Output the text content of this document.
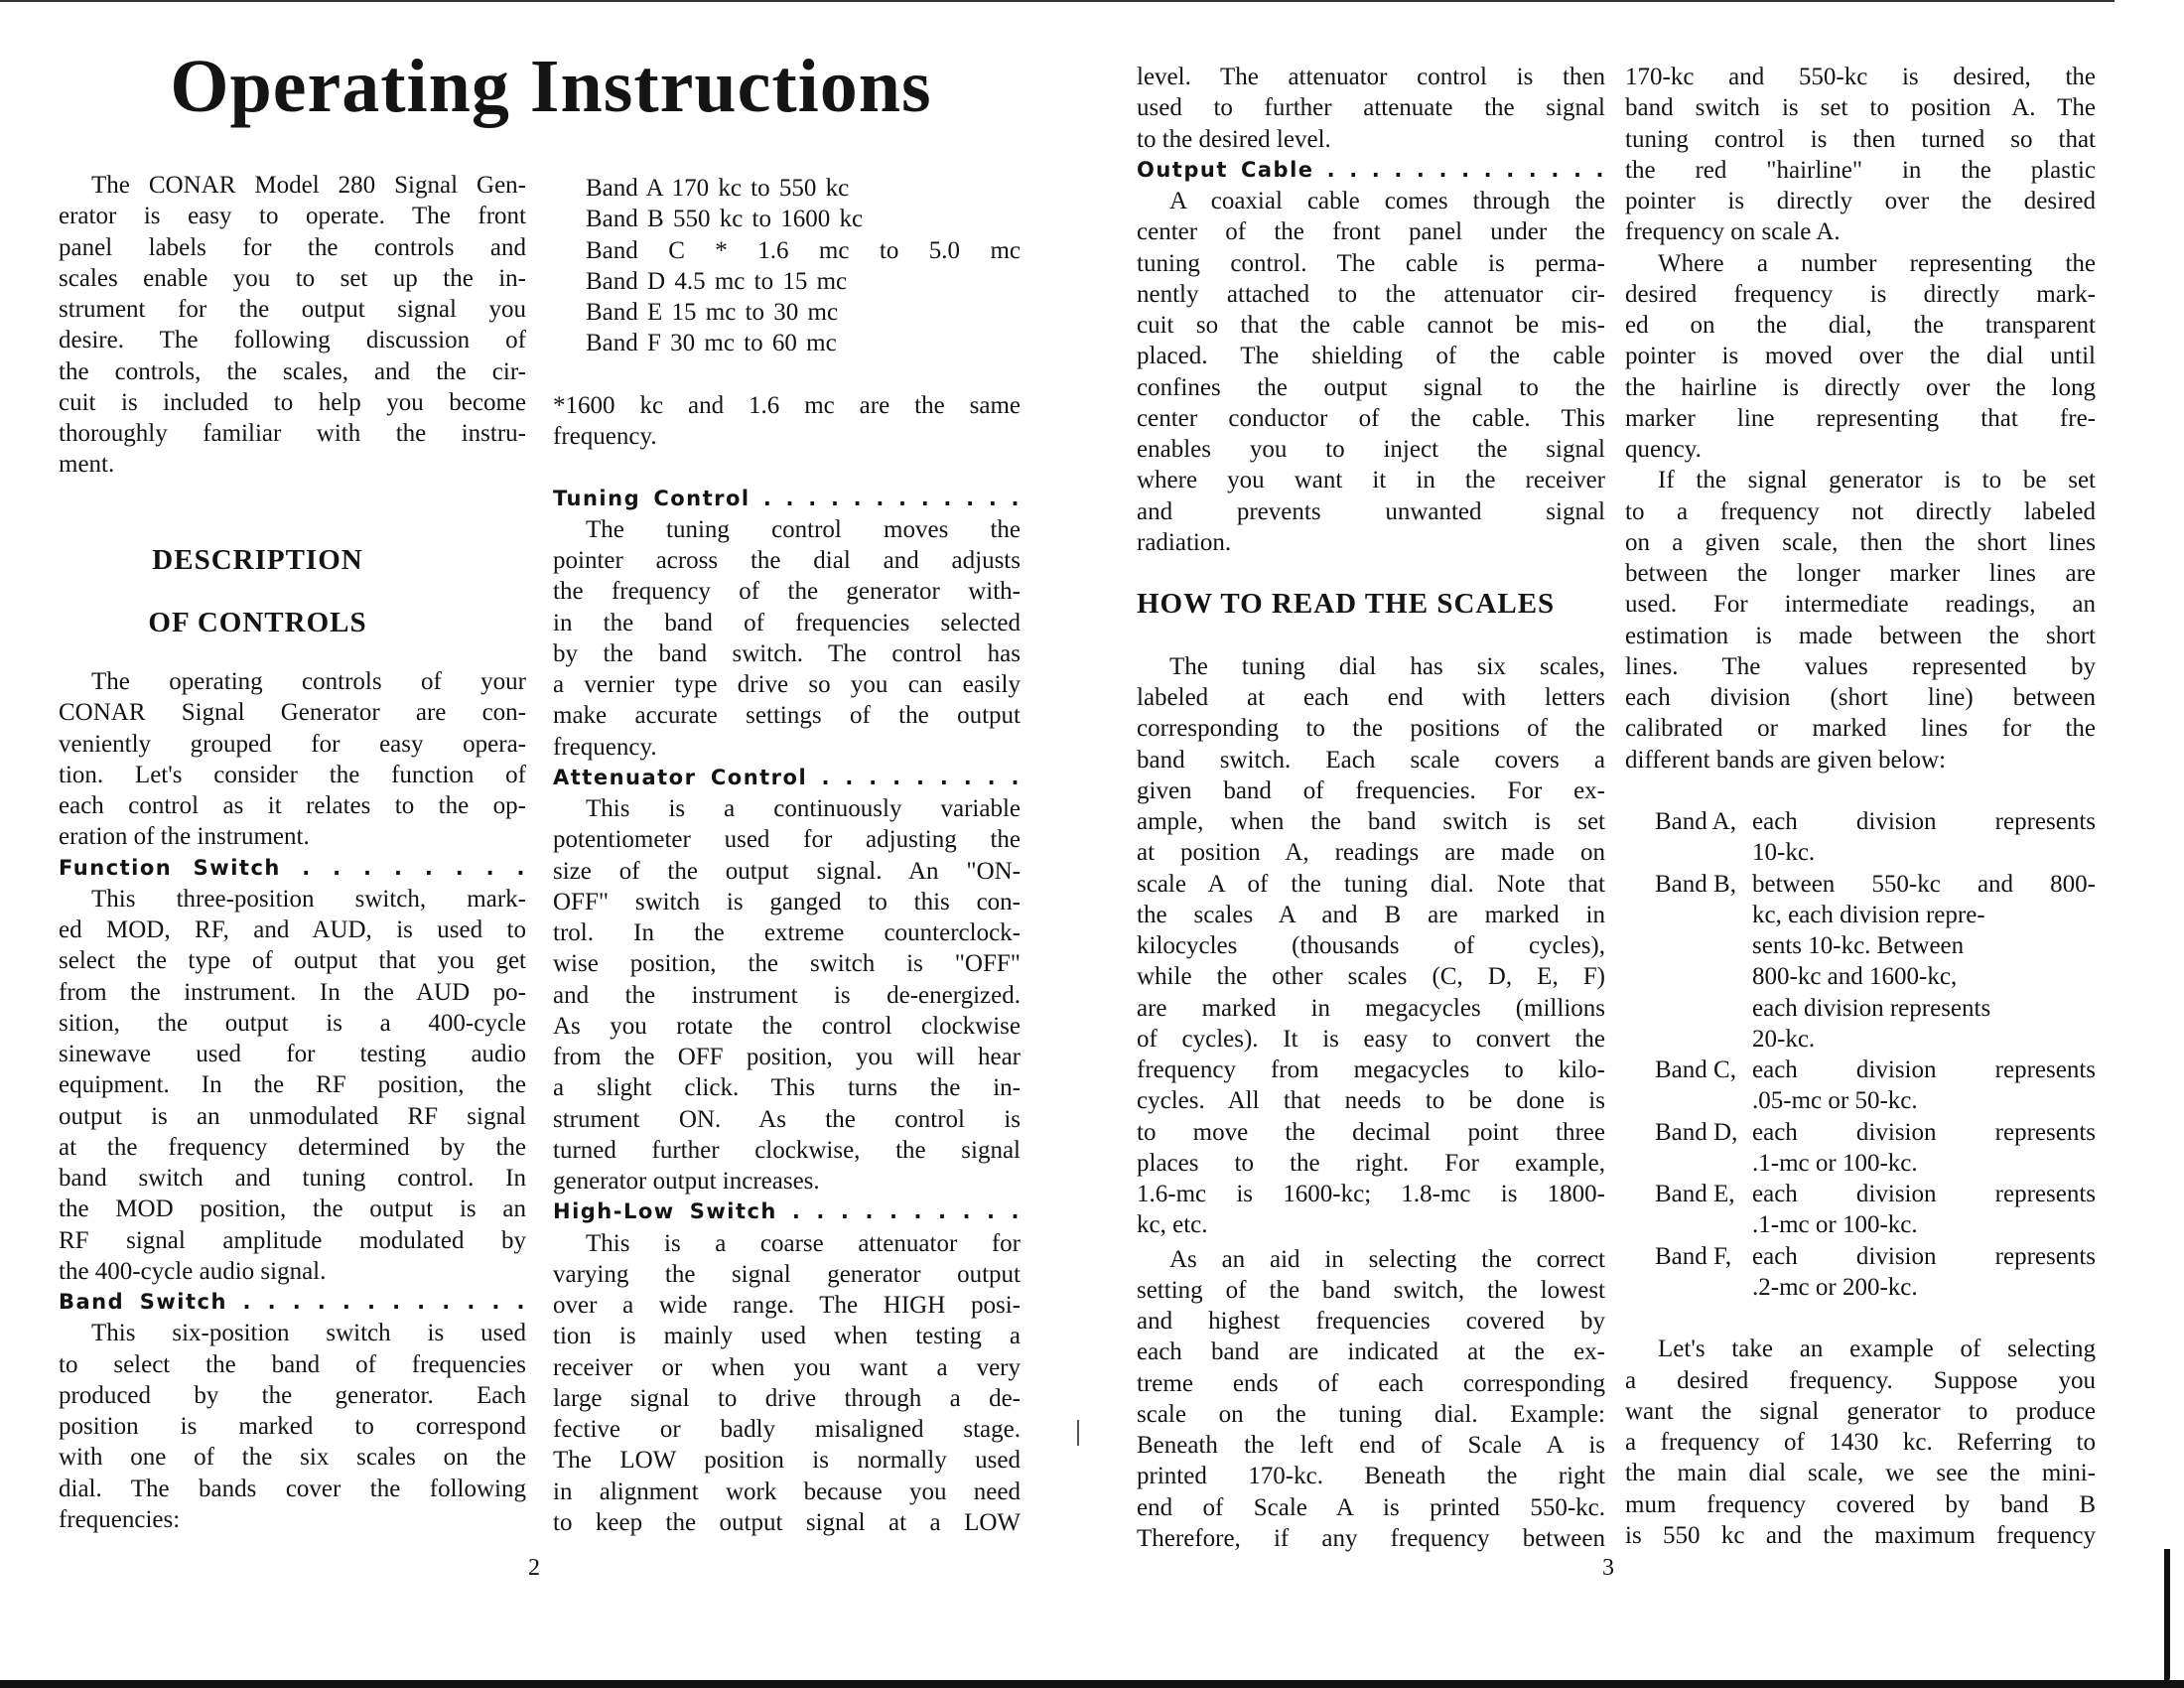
Operating Instructions
The CONAR Model 280 Signal Gen-
erator is easy to operate. The front
panel labels for the controls and
scales enable you to set up the in-
strument for the output signal you
desire. The following discussion of
the controls, the scales, and the cir-
cuit is included to help you become
thoroughly familiar with the instru-
ment.
DESCRIPTION
OF CONTROLS
The operating controls of your
CONAR Signal Generator are con-
veniently grouped for easy opera-
tion. Let's consider the function of
each control as it relates to the op-
eration of the instrument.
Function Switch . . . . . . . .
This three-position switch, mark-
ed MOD, RF, and AUD, is used to
select the type of output that you get
from the instrument. In the AUD po-
sition, the output is a 400-cycle
sinewave used for testing audio
equipment. In the RF position, the
output is an unmodulated RF signal
at the frequency determined by the
band switch and tuning control. In
the MOD position, the output is an
RF signal amplitude modulated by
the 400-cycle audio signal.
Band Switch . . . . . . . . . . . .
This six-position switch is used
to select the band of frequencies
produced by the generator. Each
position is marked to correspond
with one of the six scales on the
dial. The bands cover the following
frequencies:
Band A 170 kc to 550 kc
Band B 550 kc to 1600 kc
Band C * 1.6 mc to 5.0 mc
Band D 4.5 mc to 15 mc
Band E 15 mc to 30 mc
Band F 30 mc to 60 mc
*1600 kc and 1.6 mc are the same
frequency.
Tuning Control . . . . . . . . . . . .
The tuning control moves the
pointer across the dial and adjusts
the frequency of the generator with-
in the band of frequencies selected
by the band switch. The control has
a vernier type drive so you can easily
make accurate settings of the output
frequency.
Attenuator Control . . . . . . . . .
This is a continuously variable
potentiometer used for adjusting the
size of the output signal. An "ON-
OFF" switch is ganged to this con-
trol. In the extreme counterclock-
wise position, the switch is "OFF"
and the instrument is de-energized.
As you rotate the control clockwise
from the OFF position, you will hear
a slight click. This turns the in-
strument ON. As the control is
turned further clockwise, the signal
generator output increases.
High-Low Switch . . . . . . . . . .
This is a coarse attenuator for
varying the signal generator output
over a wide range. The HIGH posi-
tion is mainly used when testing a
receiver or when you want a very
large signal to drive through a de-
fective or badly misaligned stage.
The LOW position is normally used
in alignment work because you need
to keep the output signal at a LOW
level. The attenuator control is then
used to further attenuate the signal
to the desired level.
Output Cable . . . . . . . . . . . . .
A coaxial cable comes through the
center of the front panel under the
tuning control. The cable is perma-
nently attached to the attenuator cir-
cuit so that the cable cannot be mis-
placed. The shielding of the cable
confines the output signal to the
center conductor of the cable. This
enables you to inject the signal
where you want it in the receiver
and prevents unwanted signal
radiation.
HOW TO READ THE SCALES
The tuning dial has six scales,
labeled at each end with letters
corresponding to the positions of the
band switch. Each scale covers a
given band of frequencies. For ex-
ample, when the band switch is set
at position A, readings are made on
scale A of the tuning dial. Note that
the scales A and B are marked in
kilocycles (thousands of cycles),
while the other scales (C, D, E, F)
are marked in megacycles (millions
of cycles). It is easy to convert the
frequency from megacycles to kilo-
cycles. All that needs to be done is
to move the decimal point three
places to the right. For example,
1.6-mc is 1600-kc; 1.8-mc is 1800-
kc, etc.
As an aid in selecting the correct
setting of the band switch, the lowest
and highest frequencies covered by
each band are indicated at the ex-
treme ends of each corresponding
scale on the tuning dial. Example:
Beneath the left end of Scale A is
printed 170-kc. Beneath the right
end of Scale A is printed 550-kc.
Therefore, if any frequency between
170-kc and 550-kc is desired, the
band switch is set to position A. The
tuning control is then turned so that
the red "hairline" in the plastic
pointer is directly over the desired
frequency on scale A.
Where a number representing the
desired frequency is directly mark-
ed on the dial, the transparent
pointer is moved over the dial until
the hairline is directly over the long
marker line representing that fre-
quency.
If the signal generator is to be set
to a frequency not directly labeled
on a given scale, then the short lines
between the longer marker lines are
used. For intermediate readings, an
estimation is made between the short
lines. The values represented by
each division (short line) between
calibrated or marked lines for the
different bands are given below:
Band A, each division represents
10-kc.
Band B, between 550-kc and 800-
kc, each division repre-
sents 10-kc. Between
800-kc and 1600-kc,
each division represents
20-kc.
Band C, each division represents
.05-mc or 50-kc.
Band D, each division represents
.1-mc or 100-kc.
Band E, each division represents
.1-mc or 100-kc.
Band F, each division represents
.2-mc or 200-kc.
Let's take an example of selecting
a desired frequency. Suppose you
want the signal generator to produce
a frequency of 1430 kc. Referring to
the main dial scale, we see the mini-
mum frequency covered by band B
is 550 kc and the maximum frequency
2	3
